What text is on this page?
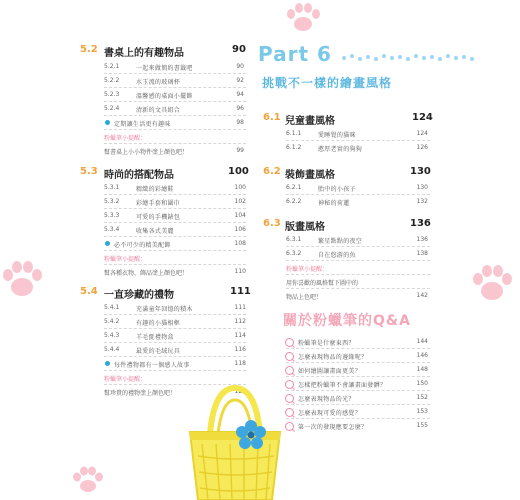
5.2 書桌上的有趣物品	90
5.2.1	一起來做簡約書籤吧	90
5.2.2	水玉流的玻璃杯	92
5.2.3	溫馨感的桌面小擺飾	94
5.2.4	清新的文具組合	96
定期讓生活更有趣味	98
粉蠟筆小提醒：
幫書桌上小小物件塗上顏色吧！	99
5.3 時尚的搭配物品	100
5.3.1	精緻的彩繪鞋	100
5.3.2	彩繪手套和圍巾	102
5.3.3	可愛的手機錶包	104
5.3.4	收集各式美麗	106
必不可少的精美配飾	108
粉蠟筆小提醒：
幫各種衣物、飾品塗上顏色吧！	110
5.4 一直珍藏的禮物	111
5.4.1	充滿童年回憶的積木	111
5.4.2	有趣的小貓相框	112
5.4.3	羊毛氈禮物盒	114
5.4.4	最愛的毛絨玩具	116
每件禮物都有一個感人故事	118
粉蠟筆小提醒：
幫珍貴的禮物塗上顏色吧！	122
Part 6
挑戰不一樣的繪畫風格
6.1 兒童畫風格	124
6.1.1	愛睡覺的貓咪	124
6.1.2	憨厚老實的狗狗	126
6.2 裝飾畫風格	130
6.2.1	胎中的小孩子	130
6.2.2	神秘的荷蓮	132
6.3 版畫風格	136
6.3.1	繁星點點的夜空	136
6.3.2	自在悠游的魚	138
粉蠟筆小提醒：
用你喜歡的風格幫下圖中的
物品上色吧！	142
關於粉蠟筆的Q&A
粉蠟筆是什麼東西？	144
怎麼表現物品的邊緣呢？	146
如何繪圖讓畫面更美？	148
怎樣把粉蠟筆不會讓畫面發髒？	150
怎麼表現物品的光？	152
怎麼表現可愛的感覺？	153
第一次的發現應要怎麼？	155
